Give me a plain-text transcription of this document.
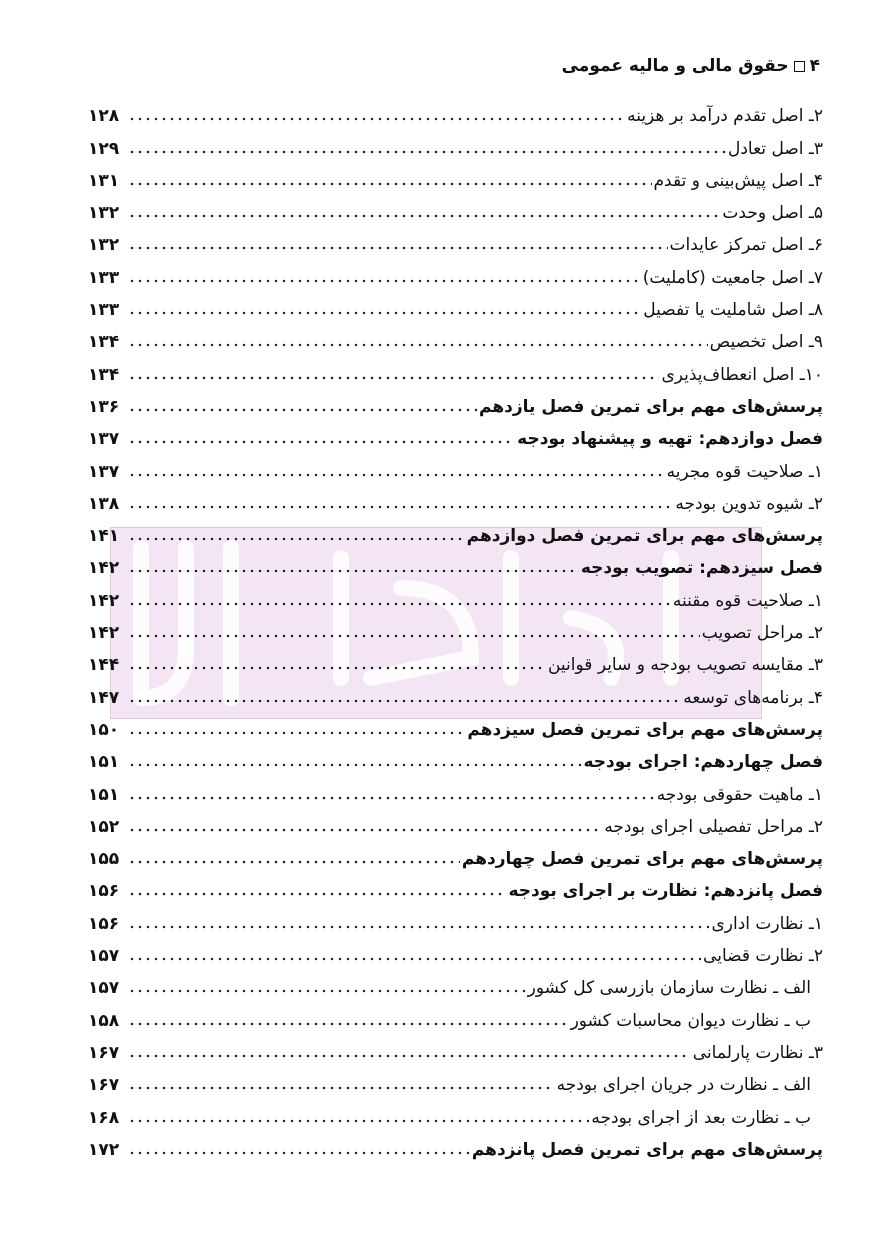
۴
حقوق مالی و مالیه عمومی
۲ـ اصل تقدم درآمد بر هزینه
۱۲۸
۳ـ اصل تعادل
۱۲۹
۴ـ اصل پیش‌بینی و تقدم
۱۳۱
۵ـ اصل وحدت
۱۳۲
۶ـ اصل تمرکز عایدات
۱۳۲
۷ـ اصل جامعیت (کاملیت)
۱۳۳
۸ـ اصل شاملیت یا تفصیل
۱۳۳
۹ـ اصل تخصیص
۱۳۴
۱۰ـ اصل انعطاف‌پذیری
۱۳۴
پرسش‌های مهم برای تمرین فصل یازدهم
۱۳۶
فصل دوازدهم: تهیه و پیشنهاد بودجه
۱۳۷
۱ـ صلاحیت قوه مجریه
۱۳۷
۲ـ شیوه تدوین بودجه
۱۳۸
پرسش‌های مهم برای تمرین فصل دوازدهم
۱۴۱
فصل سیزدهم: تصویب بودجه
۱۴۲
۱ـ صلاحیت قوه مقننه
۱۴۲
۲ـ مراحل تصویب
۱۴۲
۳ـ مقایسه تصویب بودجه و سایر قوانین
۱۴۴
۴ـ برنامه‌های توسعه
۱۴۷
پرسش‌های مهم برای تمرین فصل سیزدهم
۱۵۰
فصل چهاردهم: اجرای بودجه
۱۵۱
۱ـ ماهیت حقوقی بودجه
۱۵۱
۲ـ مراحل تفصیلی اجرای بودجه
۱۵۲
پرسش‌های مهم برای تمرین فصل چهاردهم
۱۵۵
فصل پانزدهم: نظارت بر اجرای بودجه
۱۵۶
۱ـ نظارت اداری
۱۵۶
۲ـ نظارت قضایی
۱۵۷
الف ـ نظارت سازمان بازرسی کل کشور
۱۵۷
ب ـ نظارت دیوان محاسبات کشور
۱۵۸
۳ـ نظارت پارلمانی
۱۶۷
الف ـ نظارت در جریان اجرای بودجه
۱۶۷
ب ـ نظارت بعد از اجرای بودجه
۱۶۸
پرسش‌های مهم برای تمرین فصل پانزدهم
۱۷۲
